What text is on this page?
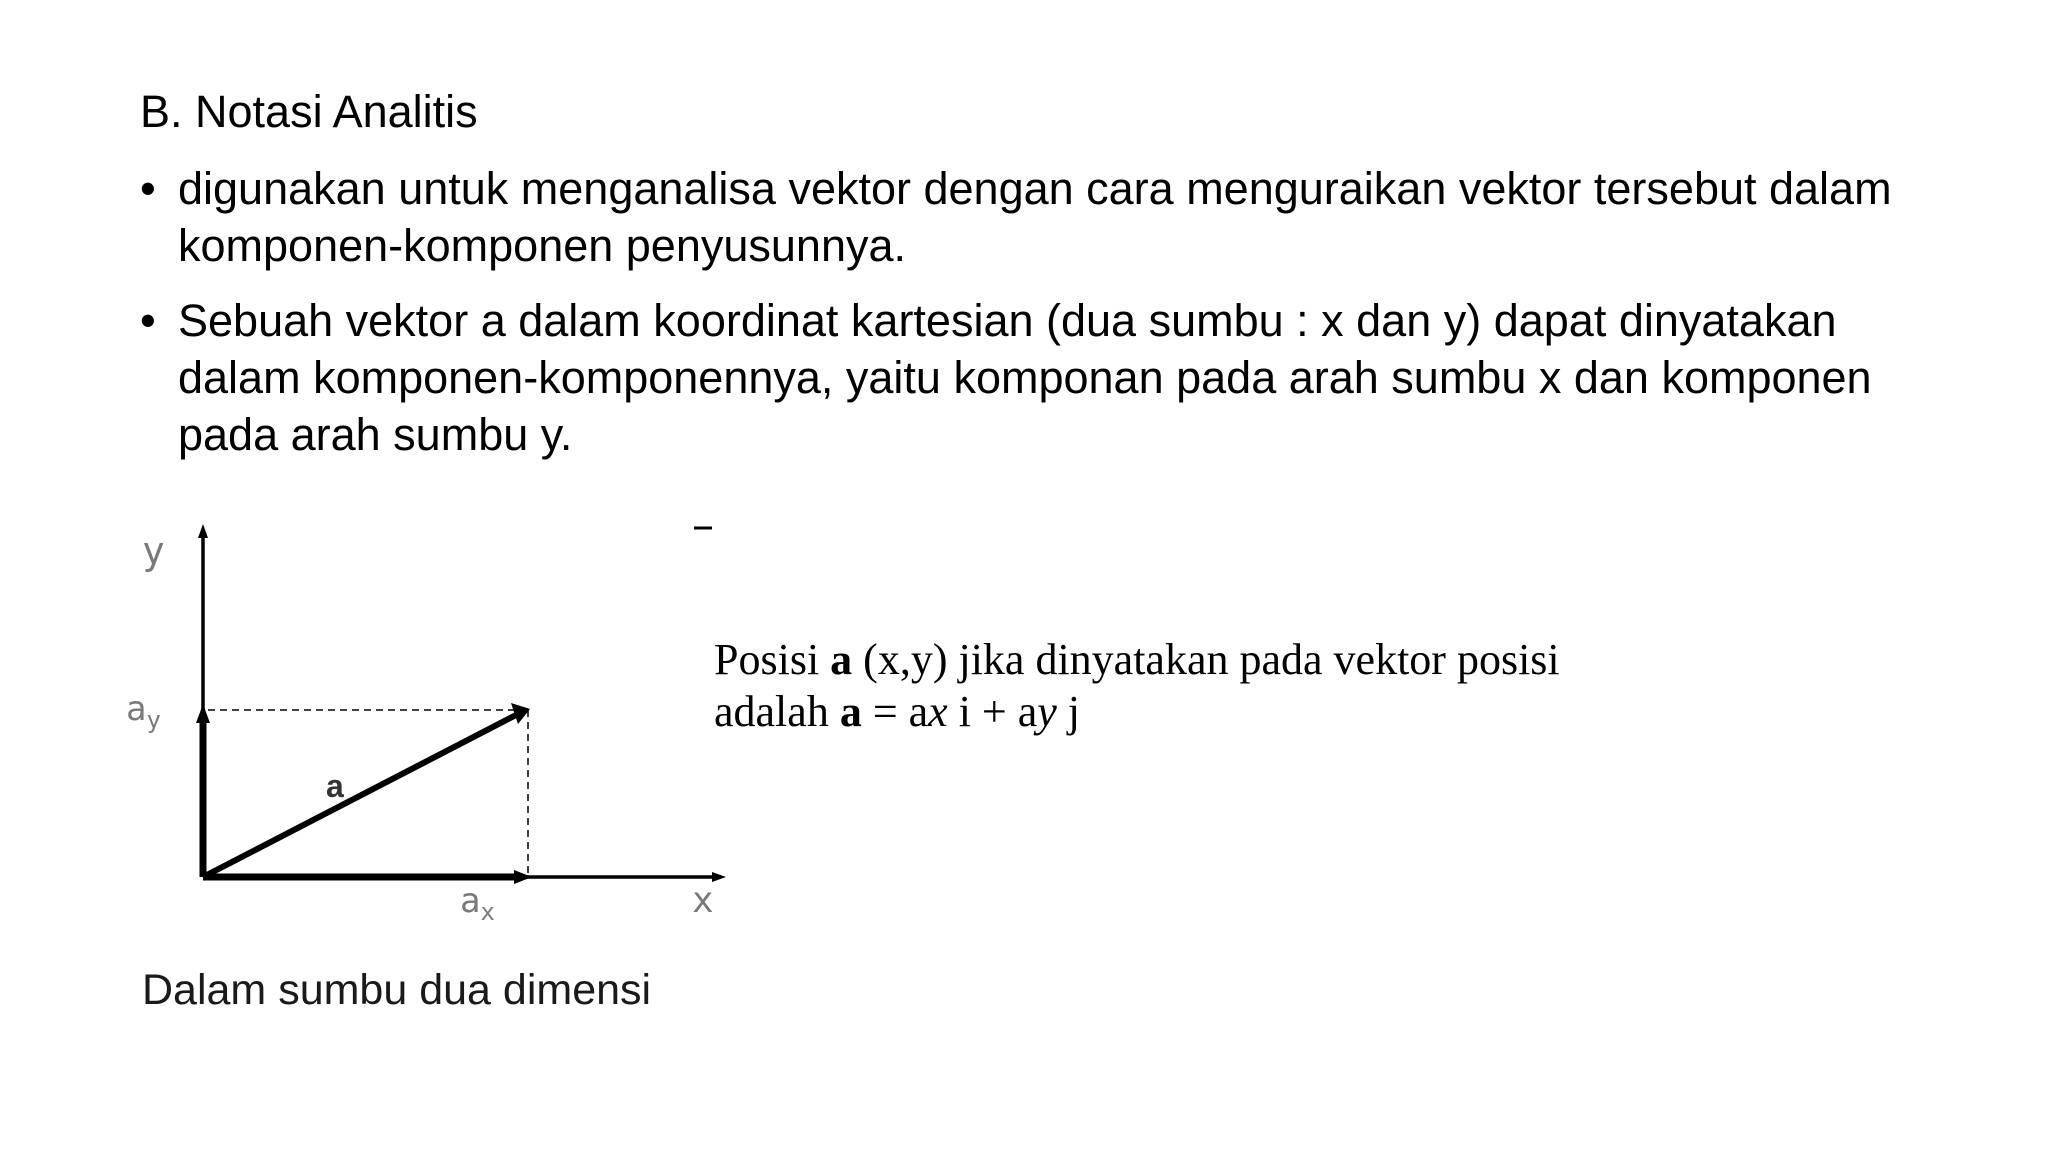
B. Notasi Analitis
• digunakan untuk menganalisa vektor dengan cara menguraikan vektor tersebut dalam komponen-komponen penyusunnya.
• Sebuah vektor a dalam koordinat kartesian (dua sumbu : x dan y) dapat dinyatakan dalam komponen-komponennya, yaitu komponan pada arah sumbu x dan komponen pada arah sumbu y.
y
x
$a_y$
$a_x$
a
Dalam sumbu dua dimensi
Posisi a (x,y) jika dinyatakan pada vektor posisi
adalah a = ax i + ay j
